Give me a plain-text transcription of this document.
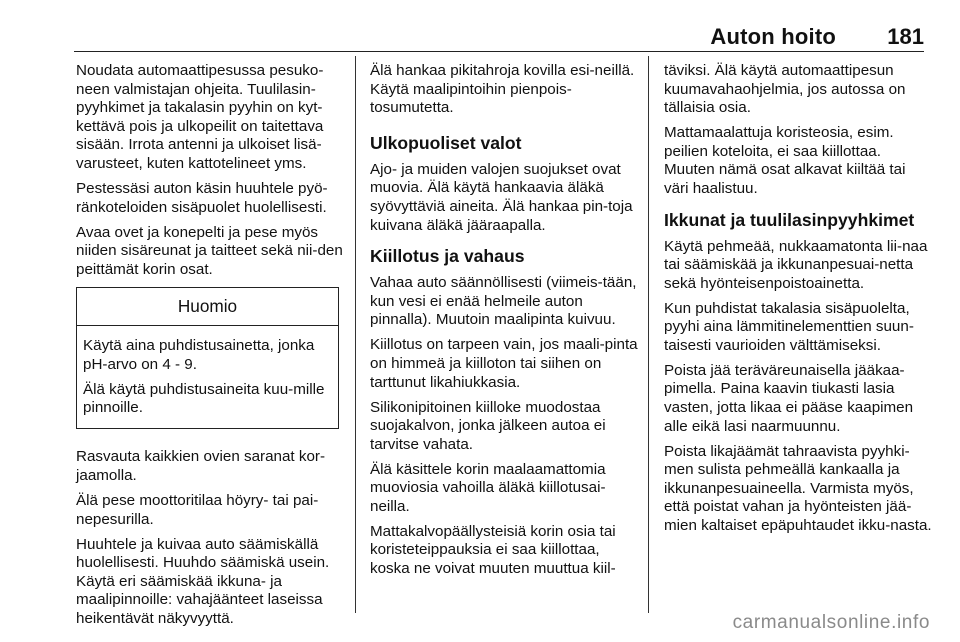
Auton hoito 181

Noudata automaattipesussa pesuko-neen valmistajan ohjeita. Tuulilasin-pyyhkimet ja takalasin pyyhin on kyt-kettävä pois ja ulkopeilit on taitettava sisään. Irrota antenni ja ulkoiset lisä-varusteet, kuten kattotelineet yms.

Pestessäsi auton käsin huuhtele pyö-ränkoteloiden sisäpuolet huolellisesti.

Avaa ovet ja konepelti ja pese myös niiden sisäreunat ja taitteet sekä nii-den peittämät korin osat.

Huomio

Käytä aina puhdistusainetta, jonka pH-arvo on 4 - 9.

Älä käytä puhdistusaineita kuu-mille pinnoille.

Rasvauta kaikkien ovien saranat kor-jaamolla.

Älä pese moottoritilaa höyry- tai pai-nepesurilla.

Huuhtele ja kuivaa auto säämiskällä huolellisesti. Huuhdo säämiskä usein. Käytä eri säämiskää ikkuna- ja maalipinnoille: vahajäänteet laseissa heikentävät näkyvyyttä.

Älä hankaa pikitahroja kovilla esi-neillä. Käytä maalipintoihin pienpois-tosumutetta.

Ulkopuoliset valot

Ajo- ja muiden valojen suojukset ovat muovia. Älä käytä hankaavia äläkä syövyttäviä aineita. Älä hankaa pin-toja kuivana äläkä jääraapalla.

Kiillotus ja vahaus

Vahaa auto säännöllisesti (viimeis-tään, kun vesi ei enää helmeile auton pinnalla). Muutoin maalipinta kuivuu.

Kiillotus on tarpeen vain, jos maali-pinta on himmeä ja kiilloton tai siihen on tarttunut likahiukkasia.

Silikonipitoinen kiilloke muodostaa suojakalvon, jonka jälkeen autoa ei tarvitse vahata.

Älä käsittele korin maalaamattomia muoviosia vahoilla äläkä kiillotusai-neilla.

Mattakalvopäällysteisiä korin osia tai koristeteippauksia ei saa kiillottaa, koska ne voivat muuten muuttua kiil-

täviksi. Älä käytä automaattipesun kuumavahaohjelmia, jos autossa on tällaisia osia.

Mattamaalattuja koristeosia, esim. peilien koteloita, ei saa kiillottaa. Muuten nämä osat alkavat kiiltää tai väri haalistuu.

Ikkunat ja tuulilasinpyyhkimet

Käytä pehmeää, nukkaamatonta lii-naa tai säämiskää ja ikkunanpesuai-netta sekä hyönteisenpoistoainetta.

Kun puhdistat takalasia sisäpuolelta, pyyhi aina lämmitinelementtien suun-taisesti vaurioiden välttämiseksi.

Poista jää teräväreunaisella jääkaa-pimella. Paina kaavin tiukasti lasia vasten, jotta likaa ei pääse kaapimen alle eikä lasi naarmuunnu.

Poista likajäämät tahraavista pyyhki-men sulista pehmeällä kankaalla ja ikkunanpesuaineella. Varmista myös, että poistat vahan ja hyönteisten jää-mien kaltaiset epäpuhtaudet ikku-nasta.

carmanualsonline.info
